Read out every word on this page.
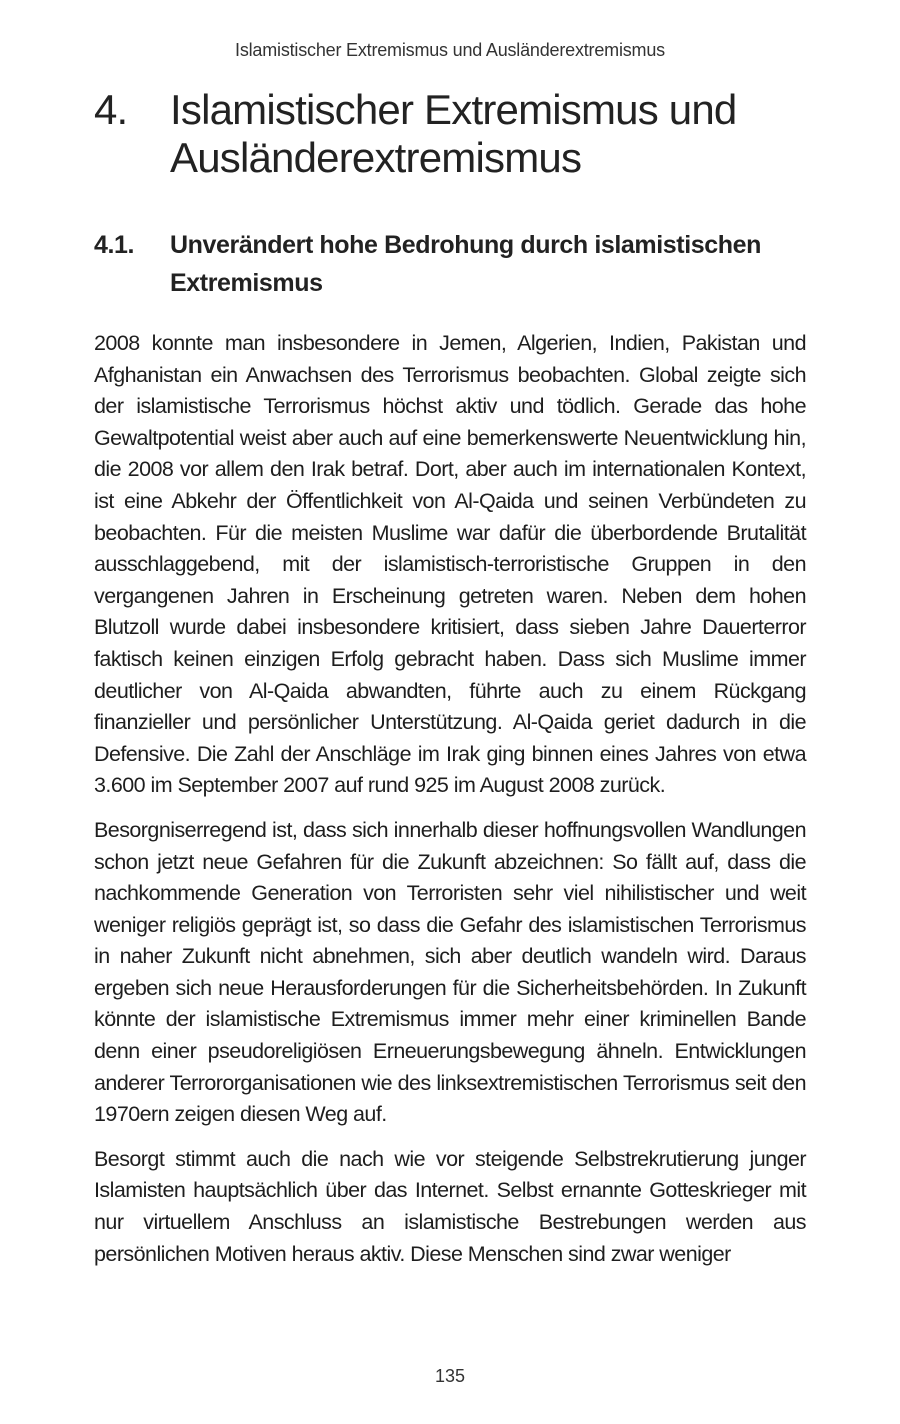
Islamistischer Extremismus und Ausländerextremismus
4.	Islamistischer Extremismus und Ausländerextremismus
4.1.	Unverändert hohe Bedrohung durch islamistischen Extremismus

2008 konnte man insbesondere in Jemen, Algerien, Indien, Pakistan und Afghanistan ein Anwachsen des Terrorismus beobachten. Global zeigte sich der islamistische Terrorismus höchst aktiv und tödlich. Gerade das hohe Gewaltpotential weist aber auch auf eine bemerkenswerte Neuentwicklung hin, die 2008 vor allem den Irak betraf. Dort, aber auch im internationalen Kontext, ist eine Abkehr der Öffentlichkeit von Al-Qaida und seinen Verbündeten zu beobachten. Für die meisten Muslime war dafür die überbordende Brutalität ausschlaggebend, mit der islamistisch-terroristische Gruppen in den vergangenen Jahren in Erscheinung getreten waren. Neben dem hohen Blutzoll wurde dabei insbesondere kritisiert, dass sieben Jahre Dauerterror faktisch keinen einzigen Erfolg gebracht haben. Dass sich Muslime immer deutlicher von Al-Qaida abwandten, führte auch zu einem Rückgang finanzieller und persönlicher Unterstützung. Al-Qaida geriet dadurch in die Defensive. Die Zahl der Anschläge im Irak ging binnen eines Jahres von etwa 3.600 im September 2007 auf rund 925 im August 2008 zurück.

Besorgniserregend ist, dass sich innerhalb dieser hoffnungsvollen Wandlungen schon jetzt neue Gefahren für die Zukunft abzeichnen: So fällt auf, dass die nachkommende Generation von Terroristen sehr viel nihilistischer und weit weniger religiös geprägt ist, so dass die Gefahr des islamistischen Terrorismus in naher Zukunft nicht abnehmen, sich aber deutlich wandeln wird. Daraus ergeben sich neue Herausforderungen für die Sicherheitsbehörden. In Zukunft könnte der islamistische Extremismus immer mehr einer kriminellen Bande denn einer pseudoreligiösen Erneuerungsbewegung ähneln. Entwicklungen anderer Terrororganisationen wie des linksextremistischen Terrorismus seit den 1970ern zeigen diesen Weg auf.

Besorgt stimmt auch die nach wie vor steigende Selbstrekrutierung junger Islamisten hauptsächlich über das Internet. Selbst ernannte Gotteskrieger mit nur virtuellem Anschluss an islamistische Bestrebungen werden aus persönlichen Motiven heraus aktiv. Diese Menschen sind zwar weniger

135
